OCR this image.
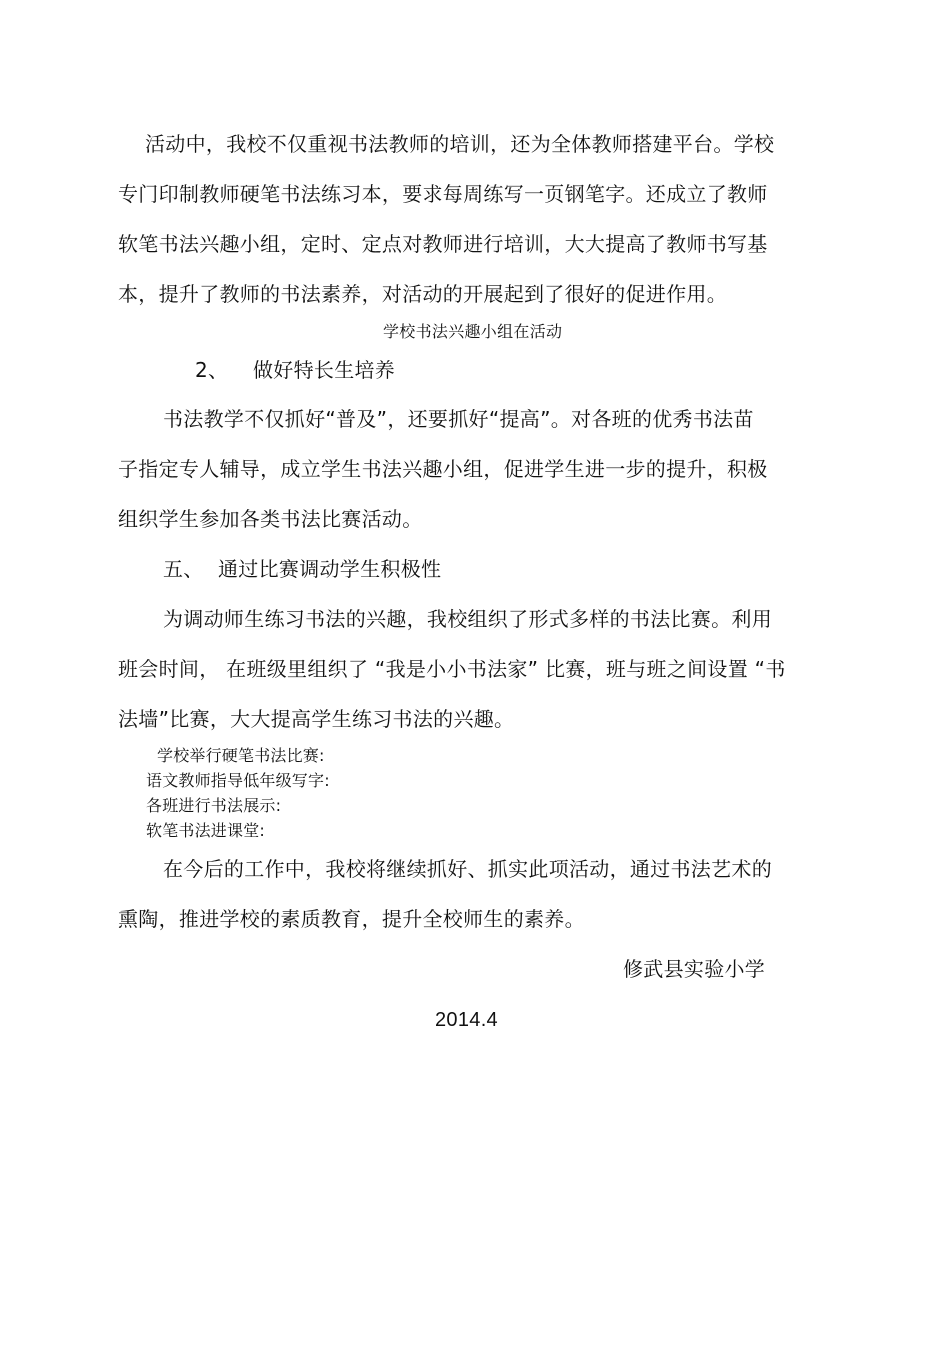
活动中，我校不仅重视书法教师的培训，还为全体教师搭建平台。学校
专门印制教师硬笔书法练习本，要求每周练写一页钢笔字。还成立了教师
软笔书法兴趣小组，定时、定点对教师进行培训，大大提高了教师书写基
本，提升了教师的书法素养，对活动的开展起到了很好的促进作用。
学校书法兴趣小组在活动
2、 做好特长生培养
书法教学不仅抓好“普及”，还要抓好“提高”。对各班的优秀书法苗
子指定专人辅导，成立学生书法兴趣小组，促进学生进一步的提升，积极
组织学生参加各类书法比赛活动。
五、 通过比赛调动学生积极性
为调动师生练习书法的兴趣，我校组织了形式多样的书法比赛。利用
班会时间， 在班级里组织了 “我是小小书法家” 比赛，班与班之间设置 “书
法墙”比赛，大大提高学生练习书法的兴趣。
学校举行硬笔书法比赛:
语文教师指导低年级写字:
各班进行书法展示:
软笔书法进课堂:
在今后的工作中，我校将继续抓好、抓实此项活动，通过书法艺术的
熏陶，推进学校的素质教育，提升全校师生的素养。
修武县实验小学
2014.4
